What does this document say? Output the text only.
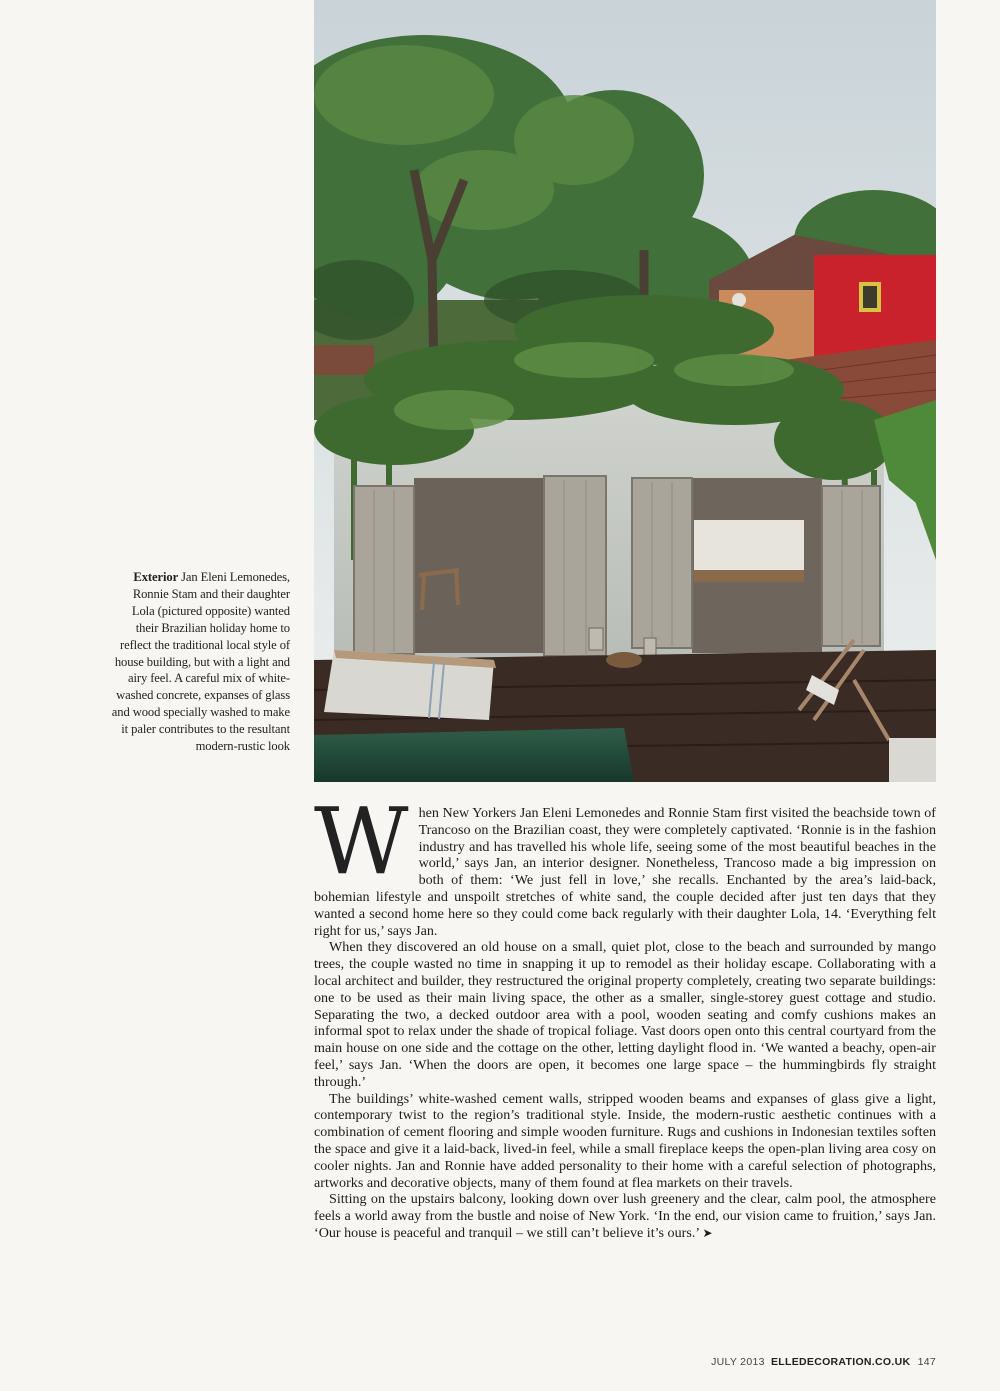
Exterior Jan Eleni Lemonedes, Ronnie Stam and their daughter Lola (pictured opposite) wanted their Brazilian holiday home to reflect the traditional local style of house building, but with a light and airy feel. A careful mix of white-washed concrete, expanses of glass and wood specially washed to make it paler contributes to the resultant modern-rustic look

When New Yorkers Jan Eleni Lemonedes and Ronnie Stam first visited the beachside town of Trancoso on the Brazilian coast, they were completely captivated. ‘Ronnie is in the fashion industry and has travelled his whole life, seeing some of the most beautiful beaches in the world,’ says Jan, an interior designer. Nonetheless, Trancoso made a big impression on both of them: ‘We just fell in love,’ she recalls. Enchanted by the area’s laid-back, bohemian lifestyle and unspoilt stretches of white sand, the couple decided after just ten days that they wanted a second home here so they could come back regularly with their daughter Lola, 14. ‘Everything felt right for us,’ says Jan.

When they discovered an old house on a small, quiet plot, close to the beach and surrounded by mango trees, the couple wasted no time in snapping it up to remodel as their holiday escape. Collaborating with a local architect and builder, they restructured the original property completely, creating two separate buildings: one to be used as their main living space, the other as a smaller, single-storey guest cottage and studio. Separating the two, a decked outdoor area with a pool, wooden seating and comfy cushions makes an informal spot to relax under the shade of tropical foliage. Vast doors open onto this central courtyard from the main house on one side and the cottage on the other, letting daylight flood in. ‘We wanted a beachy, open-air feel,’ says Jan. ‘When the doors are open, it becomes one large space – the hummingbirds fly straight through.’

The buildings’ white-washed cement walls, stripped wooden beams and expanses of glass give a light, contemporary twist to the region’s traditional style. Inside, the modern-rustic aesthetic continues with a combination of cement flooring and simple wooden furniture. Rugs and cushions in Indonesian textiles soften the space and give it a laid-back, lived-in feel, while a small fireplace keeps the open-plan living area cosy on cooler nights. Jan and Ronnie have added personality to their home with a careful selection of photographs, artworks and decorative objects, many of them found at flea markets on their travels.

Sitting on the upstairs balcony, looking down over lush greenery and the clear, calm pool, the atmosphere feels a world away from the bustle and noise of New York. ‘In the end, our vision came to fruition,’ says Jan. ‘Our house is peaceful and tranquil – we still can’t believe it’s ours.’ ➤

JULY 2013 ELLEDECORATION.CO.UK 147
